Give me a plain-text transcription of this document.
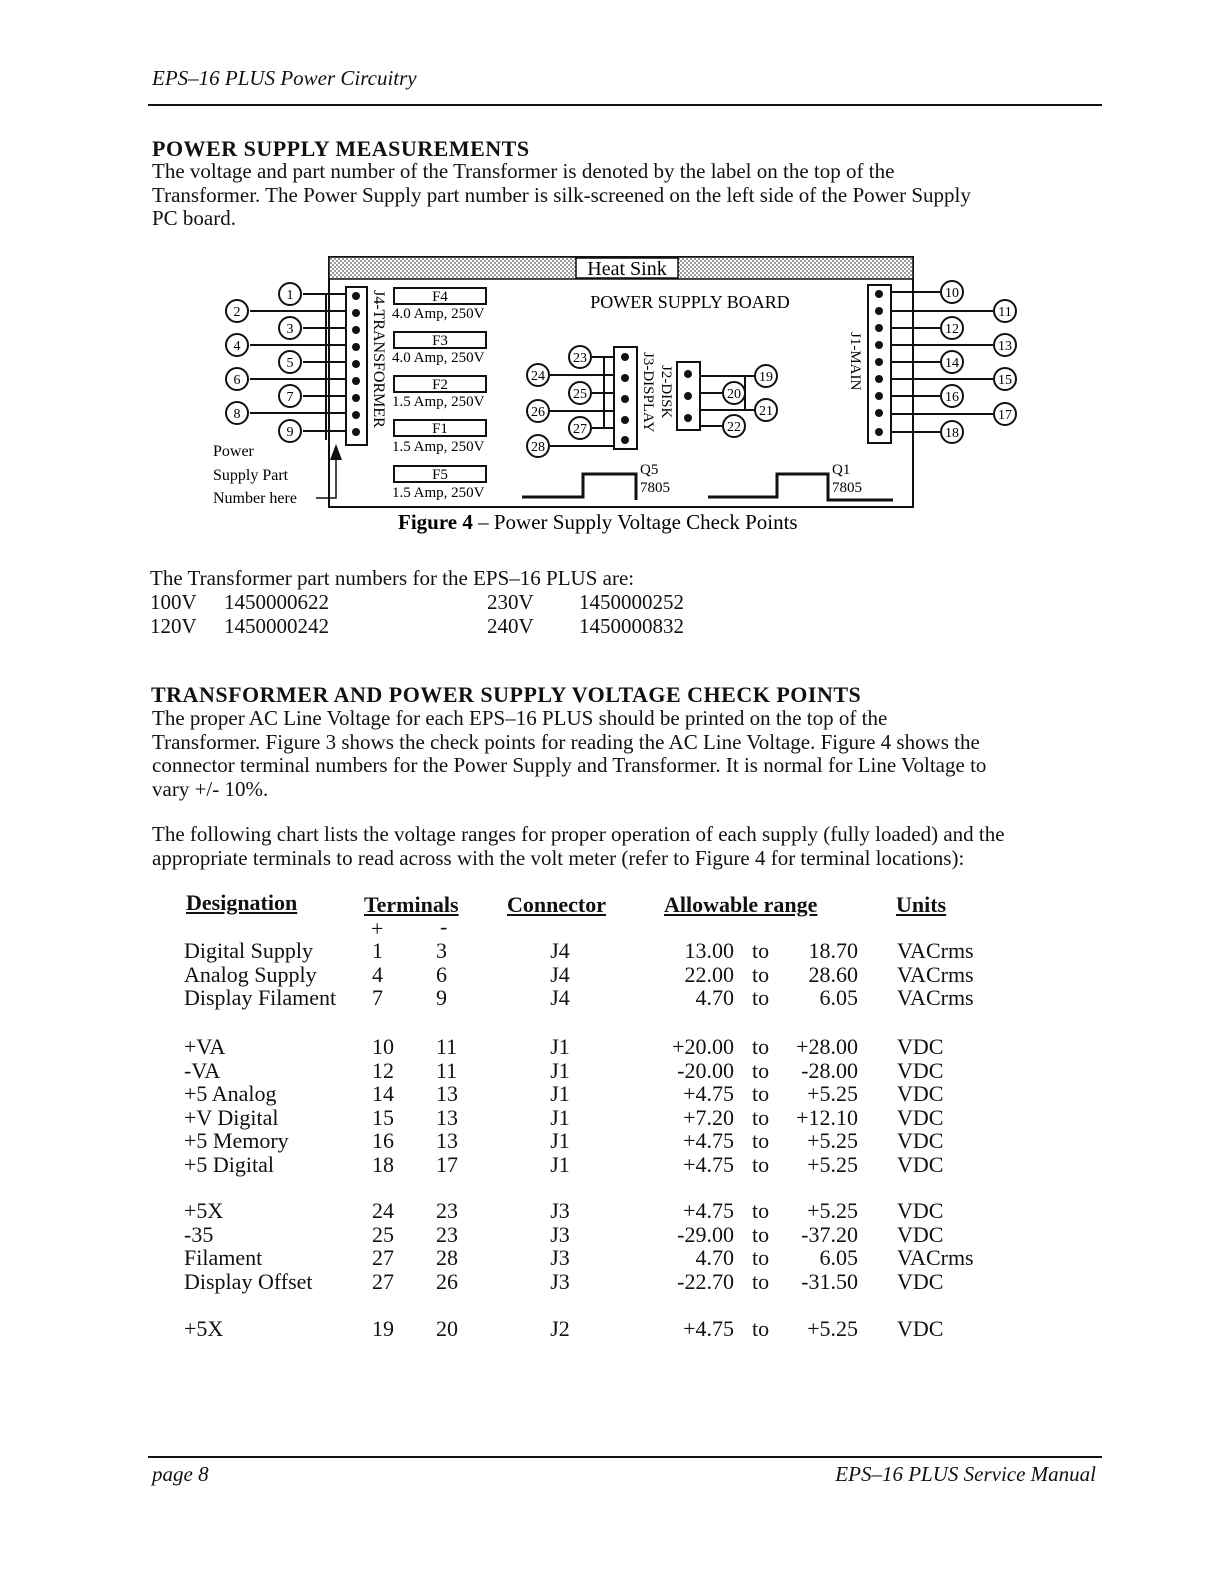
EPS–16 PLUS Power Circuitry
POWER SUPPLY MEASUREMENTS
The voltage and part number of the Transformer is denoted by the label on the top of the
Transformer. The Power Supply part number is silk-screened on the left side of the Power Supply
PC board.
Heat Sink
POWER SUPPLY BOARD
J4-TRANSFORMER
1
2
3
4
5
6
7
8
9
F4
F3
F2
F1
F5
4.0 Amp, 250V
4.0 Amp, 250V
1.5 Amp, 250V
1.5 Amp, 250V
1.5 Amp, 250V
Power
Supply Part
Number here
J3-DISPLAY
23
24
25
26
27
28
J2-DISK	19
20
21
22
J1-MAIN
10
11
12
13
14
15
16
17
18
Q5
7805
Q1
7805
Figure 4 – Power Supply Voltage Check Points
The Transformer part numbers for the EPS–16 PLUS are:
100V 1450000622	230V 1450000252
120V 1450000242	240V 1450000832
TRANSFORMER AND POWER SUPPLY VOLTAGE CHECK POINTS
The proper AC Line Voltage for each EPS–16 PLUS should be printed on the top of the
Transformer. Figure 3 shows the check points for reading the AC Line Voltage. Figure 4 shows the
connector terminal numbers for the Power Supply and Transformer. It is normal for Line Voltage to
vary +/- 10%.
The following chart lists the voltage ranges for proper operation of each supply (fully loaded) and the
appropriate terminals to read across with the volt meter (refer to Figure 4 for terminal locations):
Designation	Terminals Connector	Allowable range	Units
+	-
Digital Supply	1 3	J4	13.00 to	18.70 VACrms
Analog Supply	4 6	J4	22.00 to	28.60 VACrms
Display Filament 7 9	J4	4.70 to	6.05 VACrms
+VA	10 11	J1	+20.00 to	+28.00 VDC
-VA	12 11	J1	-20.00 to	-28.00 VDC
+5 Analog	14 13	J1	+4.75 to	+5.25 VDC
+V Digital	15 13	J1	+7.20 to	+12.10 VDC
+5 Memory	16 13	J1	+4.75 to	+5.25 VDC
+5 Digital	18 17	J1	+4.75 to	+5.25 VDC
+5X	24 23	J3	+4.75 to	+5.25 VDC
-35	25 23	J3	-29.00 to	-37.20 VDC
Filament	27 28	J3	4.70 to	6.05 VACrms
Display Offset	27 26	J3	-22.70 to	-31.50 VDC
+5X	19 20	J2	+4.75 to	+5.25 VDC
page 8	EPS–16 PLUS Service Manual
